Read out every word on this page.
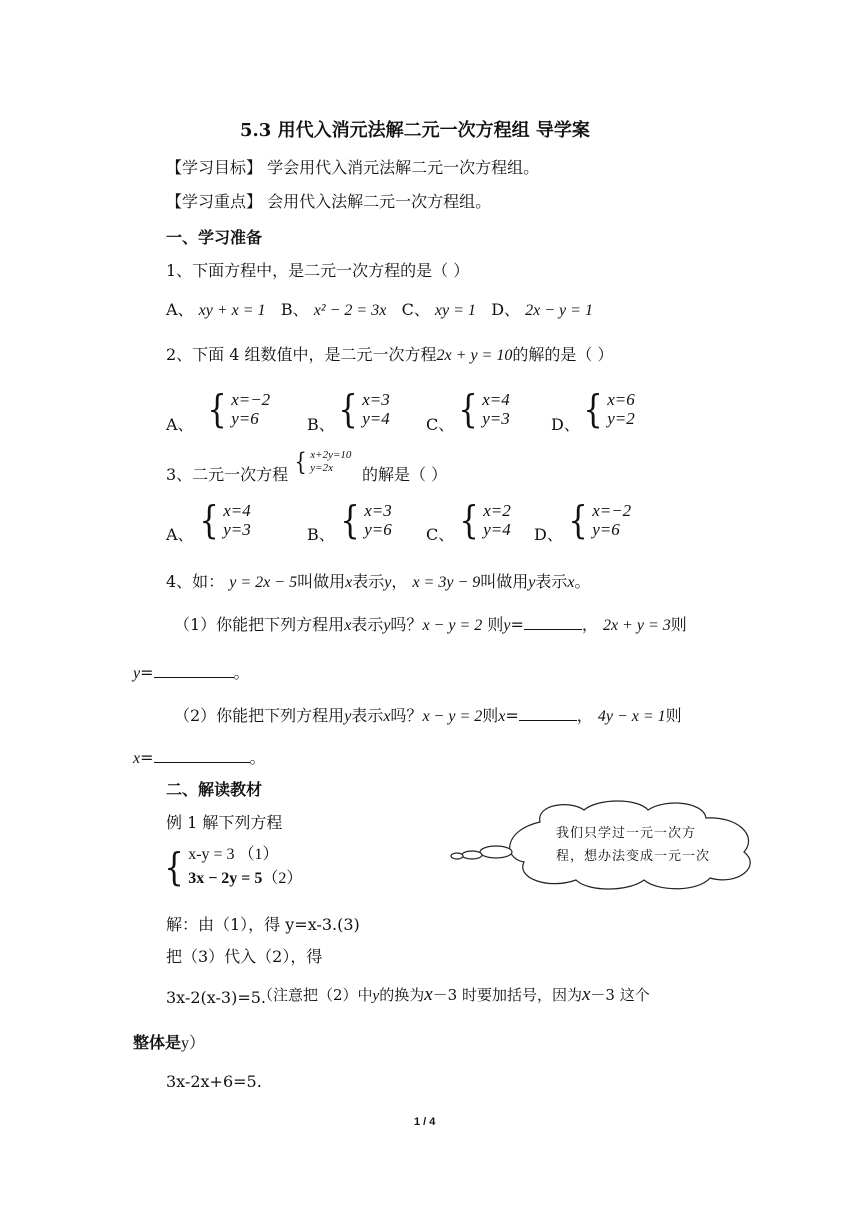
5.3 用代入消元法解二元一次方程组 导学案
【学习目标】 学会用代入消元法解二元一次方程组。
【学习重点】 会用代入法解二元一次方程组。
一、学习准备
1、下面方程中，是二元一次方程的是（ ）
A、 xy + x = 1 B、 x² − 2 = 3x C、 xy = 1 D、 2x − y = 1
2、下面 4 组数值中，是二元一次方程2x + y = 10的解的是（ ）
A、 { x=−2
y=6	B、 { x=3
y=4 C、 { x=4
y=3	D、 { x=6
y=2
3、二元一次方程 { x+2y=10
y=2x	的解是（ ）
A、 { x=4
y=3	B、 { x=3
y=6 C、 { x=2
y=4 D、 { x=−2
y=6
4、如： y = 2x − 5叫做用x表示y， x = 3y − 9叫做用y表示x。
（1）你能把下列方程用x表示y吗？x − y = 2 则y=	， 2x + y = 3则
y=	。
（2）你能把下列方程用y表示x吗？x − y = 2则x=	， 4y − x = 1则
x=	。
二、解读教材
例 1 解下列方程
{ x-y = 3 （1）
3x − 2y = 5（2）
我们只学过一元一次方
程，想办法变成一元一次
解：由（1），得 y=x-3.(3)
把（3）代入（2），得
3x-2(x-3)=5.
（注意把（2）中y的换为x－3 时要加括号，因为x－3 这个
整体是y）
3x-2x+6=5.
1 / 4
